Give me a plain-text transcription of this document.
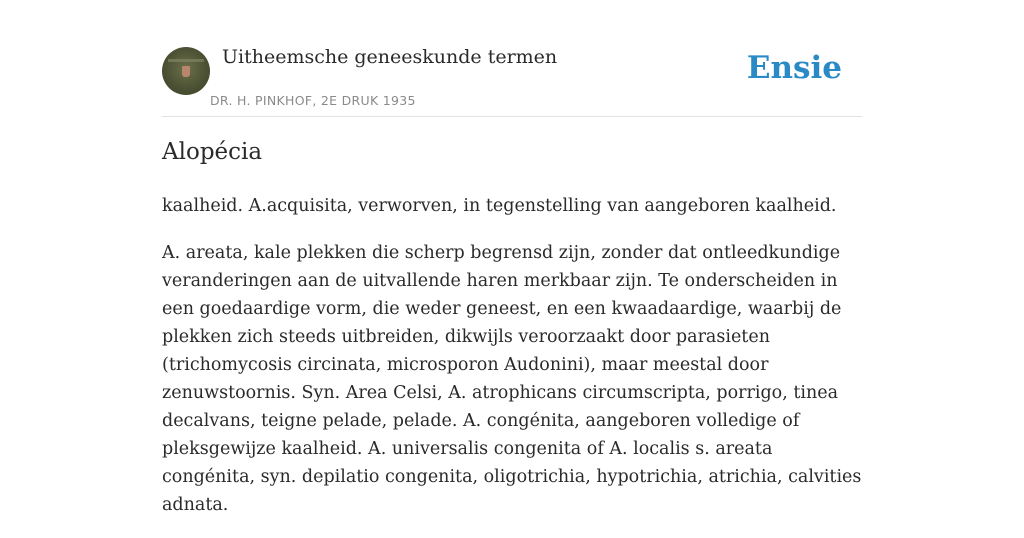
Uitheemsche geneeskunde termen
DR. H. PINKHOF, 2E DRUK 1935
Ensie
Alopécia

kaalheid. A.acquisita, verworven, in tegenstelling van aangeboren kaalheid.

A. areata, kale plekken die scherp begrensd zijn, zonder dat ontleedkundige veranderingen aan de uitvallende haren merkbaar zijn. Te onderscheiden in een goedaardige vorm, die weder geneest, en een kwaadaardige, waarbij de plekken zich steeds uitbreiden, dikwijls veroorzaakt door parasieten (trichomycosis circinata, microsporon Audonini), maar meestal door zenuwstoornis. Syn. Area Celsi, A. atrophicans circumscripta, porrigo, tinea decalvans, teigne pelade, pelade. A. congénita, aangeboren volledige of pleksgewijze kaalheid. A. universalis congenita of A. localis s. areata congénita, syn. depilatio congenita, oligotrichia, hypotrichia, atrichia, calvities adnata.
